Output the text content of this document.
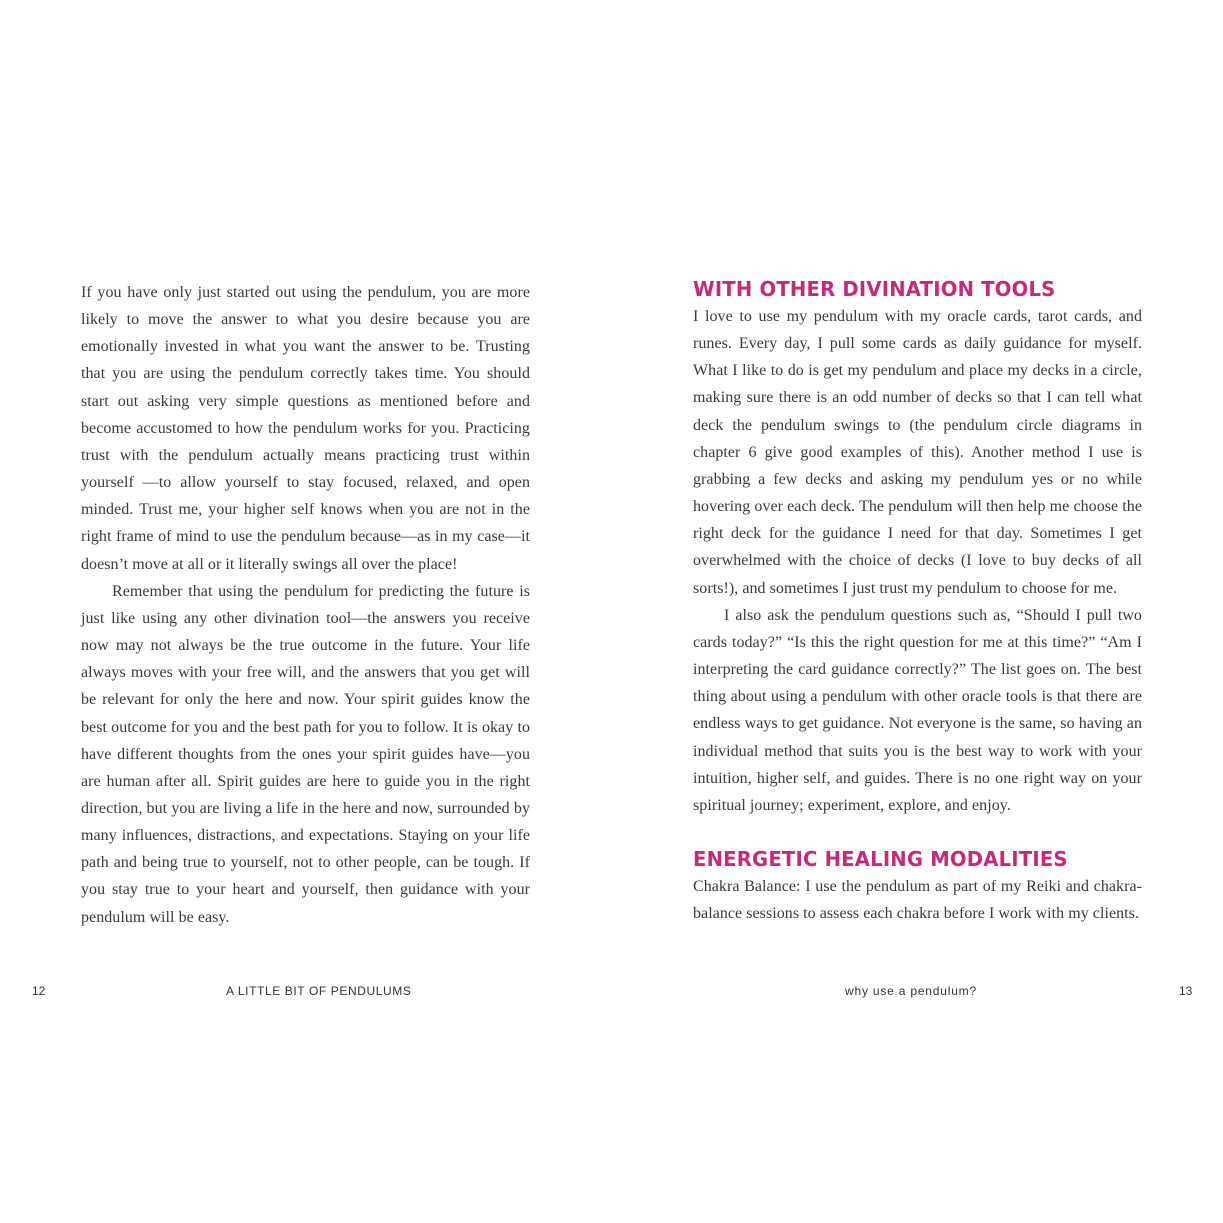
If you have only just started out using the pendulum, you are more likely to move the answer to what you desire because you are emotionally invested in what you want the answer to be. Trusting that you are using the pendulum correctly takes time. You should start out asking very simple questions as mentioned before and become accustomed to how the pendulum works for you. Practicing trust with the pendulum actually means practicing trust within yourself —to allow yourself to stay focused, relaxed, and open minded. Trust me, your higher self knows when you are not in the right frame of mind to use the pendulum because—as in my case—it doesn’t move at all or it literally swings all over the place!

Remember that using the pendulum for predicting the future is just like using any other divination tool—the answers you receive now may not always be the true outcome in the future. Your life always moves with your free will, and the answers that you get will be relevant for only the here and now. Your spirit guides know the best outcome for you and the best path for you to follow. It is okay to have different thoughts from the ones your spirit guides have—you are human after all. Spirit guides are here to guide you in the right direction, but you are living a life in the here and now, surrounded by many influences, distractions, and expectations. Staying on your life path and being true to yourself, not to other people, can be tough. If you stay true to your heart and yourself, then guidance with your pendulum will be easy.

12	A LITTLE BIT OF PENDULUMS
WITH OTHER DIVINATION TOOLS

I love to use my pendulum with my oracle cards, tarot cards, and runes. Every day, I pull some cards as daily guidance for myself. What I like to do is get my pendulum and place my decks in a circle, making sure there is an odd number of decks so that I can tell what deck the pendulum swings to (the pendulum circle diagrams in chapter 6 give good examples of this). Another method I use is grabbing a few decks and asking my pendulum yes or no while hovering over each deck. The pendulum will then help me choose the right deck for the guidance I need for that day. Sometimes I get overwhelmed with the choice of decks (I love to buy decks of all sorts!), and sometimes I just trust my pendulum to choose for me.

I also ask the pendulum questions such as, “Should I pull two cards today?” “Is this the right question for me at this time?” “Am I interpreting the card guidance correctly?” The list goes on. The best thing about using a pendulum with other oracle tools is that there are endless ways to get guidance. Not everyone is the same, so having an individual method that suits you is the best way to work with your intuition, higher self, and guides. There is no one right way on your spiritual journey; experiment, explore, and enjoy.

ENERGETIC HEALING MODALITIES

Chakra Balance: I use the pendulum as part of my Reiki and chakra-balance sessions to assess each chakra before I work with my clients.

why use a pendulum?	13
